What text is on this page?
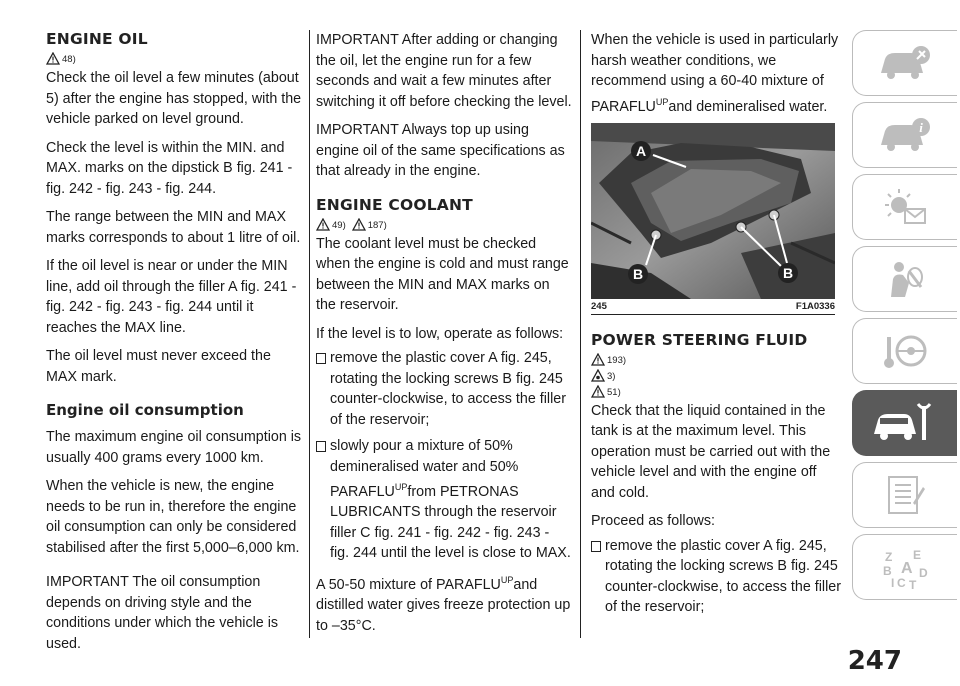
ENGINE OIL
48)

Check the oil level a few minutes (about 5) after the engine has stopped, with the vehicle parked on level ground.

Check the level is within the MIN. and MAX. marks on the dipstick B fig. 241 - fig. 242 - fig. 243 - fig. 244.

The range between the MIN and MAX marks corresponds to about 1 litre of oil.

If the oil level is near or under the MIN line, add oil through the filler A fig. 241 - fig. 242 - fig. 243 - fig. 244 until it reaches the MAX line.

The oil level must never exceed the MAX mark.

Engine oil consumption

The maximum engine oil consumption is usually 400 grams every 1000 km.

When the vehicle is new, the engine needs to be run in, therefore the engine oil consumption can only be considered stabilised after the first 5,000–6,000 km.

IMPORTANT The oil consumption depends on driving style and the conditions under which the vehicle is used.

IMPORTANT After adding or changing the oil, let the engine run for a few seconds and wait a few minutes after switching it off before checking the level.

IMPORTANT Always top up using engine oil of the same specifications as that already in the engine.

ENGINE COOLANT
49) 187)

The coolant level must be checked when the engine is cold and must range between the MIN and MAX marks on the reservoir.

If the level is to low, operate as follows:

remove the plastic cover A fig. 245, rotating the locking screws B fig. 245 counter-clockwise, to access the filler of the reservoir;
slowly pour a mixture of 50% demineralised water and 50% $PARAFLU^{UP}from$ PETRONAS LUBRICANTS through the reservoir filler C fig. 241 - fig. 242 - fig. 243 - fig. 244 until the level is close to MAX.

A 50-50 mixture of $PARAFLU^{UP}and$ distilled water gives freeze protection up to –35°C.

When the vehicle is used in particularly harsh weather conditions, we recommend using a 60-40 mixture of $PARAFLU^{UP}and$ demineralised water.

A
B	B
245	F1A0336
POWER STEERING FLUID
193)
3)
51)

Check that the liquid contained in the tank is at the maximum level. This operation must be carried out with the vehicle level and with the engine off and cold.

Proceed as follows:

remove the plastic cover A fig. 245, rotating the locking screws B fig. 245 counter-clockwise, to access the filler of the reservoir;
i
Z E
B A D
I C T
247
